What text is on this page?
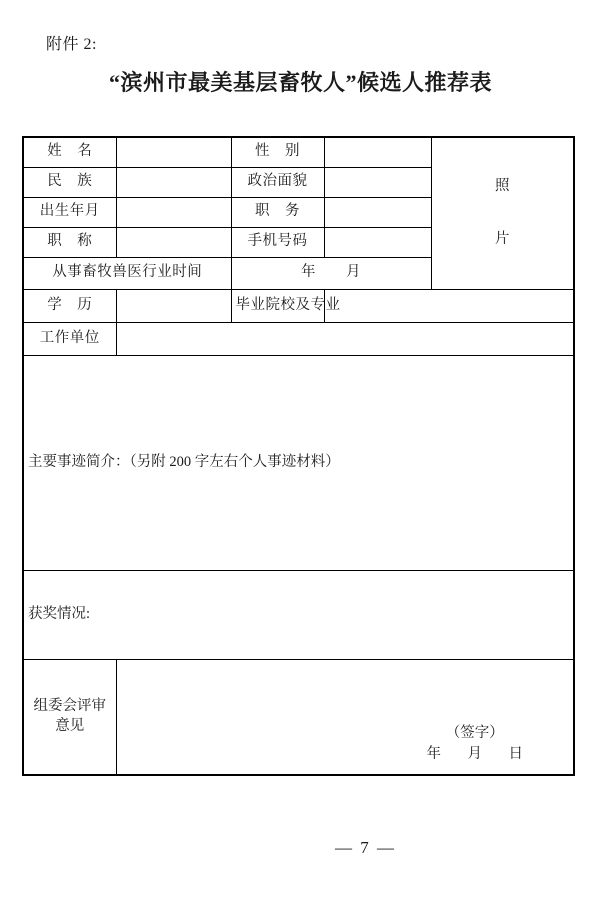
附件 2:
“滨州市最美基层畜牧人”候选人推荐表
姓　名		性　别		照
片

民　族		政治面貌		
出生年月		职　务		
职　称		手机号码		
从事畜牧兽医行业时间		年　　月		
学　历		毕业院校及专业		
工作单位				

主要事迹简介：（另附 200 字左右个人事迹材料）				

获奖情况:				

组委会评审意见	（签字）
年　月　日			
— 7 —
